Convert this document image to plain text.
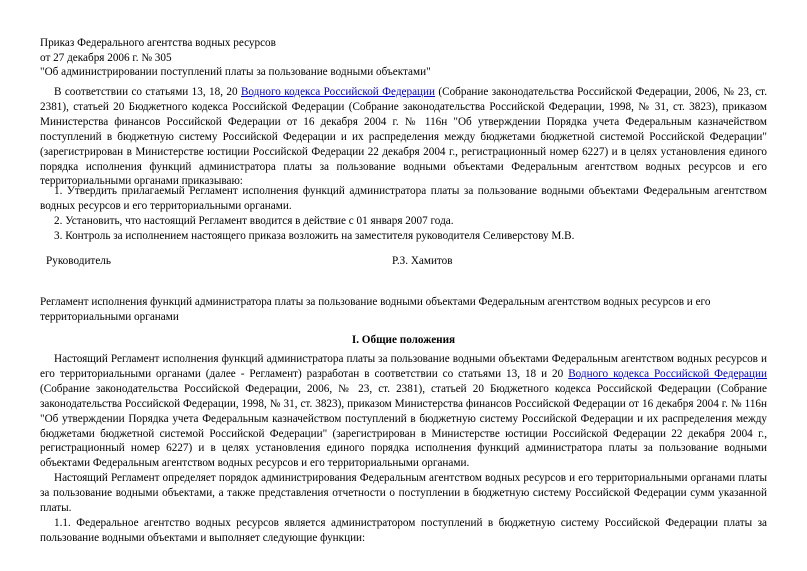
Приказ Федерального агентства водных ресурсов
от 27 декабря 2006 г. № 305
"Об администрировании поступлений платы за пользование водными объектами"

В соответствии со статьями 13, 18, 20 Водного кодекса Российской Федерации (Собрание законодательства Российской Федерации, 2006, № 23, ст. 2381), статьей 20 Бюджетного кодекса Российской Федерации (Собрание законодательства Российской Федерации, 1998, № 31, ст. 3823), приказом Министерства финансов Российской Федерации от 16 декабря 2004 г. № 116н "Об утверждении Порядка учета Федеральным казначейством поступлений в бюджетную систему Российской Федерации и их распределения между бюджетами бюджетной системой Российской Федерации" (зарегистрирован в Министерстве юстиции Российской Федерации 22 декабря 2004 г., регистрационный номер 6227) и в целях установления единого порядка исполнения функций администратора платы за пользование водными объектами Федеральным агентством водных ресурсов и его территориальными органами приказываю:

1. Утвердить прилагаемый Регламент исполнения функций администратора платы за пользование водными объектами Федеральным агентством водных ресурсов и его территориальными органами.

2. Установить, что настоящий Регламент вводится в действие с 01 января 2007 года.

3. Контроль за исполнением настоящего приказа возложить на заместителя руководителя Селиверстову М.В.

Руководитель	Р.З. Хамитов

Регламент исполнения функций администратора платы за пользование водными объектами Федеральным агентством водных ресурсов и его территориальными органами

I. Общие положения

Настоящий Регламент исполнения функций администратора платы за пользование водными объектами Федеральным агентством водных ресурсов и его территориальными органами (далее - Регламент) разработан в соответствии со статьями 13, 18 и 20 Водного кодекса Российской Федерации (Собрание законодательства Российской Федерации, 2006, № 23, ст. 2381), статьей 20 Бюджетного кодекса Российской Федерации (Собрание законодательства Российской Федерации, 1998, № 31, ст. 3823), приказом Министерства финансов Российской Федерации от 16 декабря 2004 г. № 116н "Об утверждении Порядка учета Федеральным казначейством поступлений в бюджетную систему Российской Федерации и их распределения между бюджетами бюджетной системой Российской Федерации" (зарегистрирован в Министерстве юстиции Российской Федерации 22 декабря 2004 г., регистрационный номер 6227) и в целях установления единого порядка исполнения функций администратора платы за пользование водными объектами Федеральным агентством водных ресурсов и его территориальными органами.

Настоящий Регламент определяет порядок администрирования Федеральным агентством водных ресурсов и его территориальными органами платы за пользование водными объектами, а также представления отчетности о поступлении в бюджетную систему Российской Федерации сумм указанной платы.

1.1. Федеральное агентство водных ресурсов является администратором поступлений в бюджетную систему Российской Федерации платы за пользование водными объектами и выполняет следующие функции:
